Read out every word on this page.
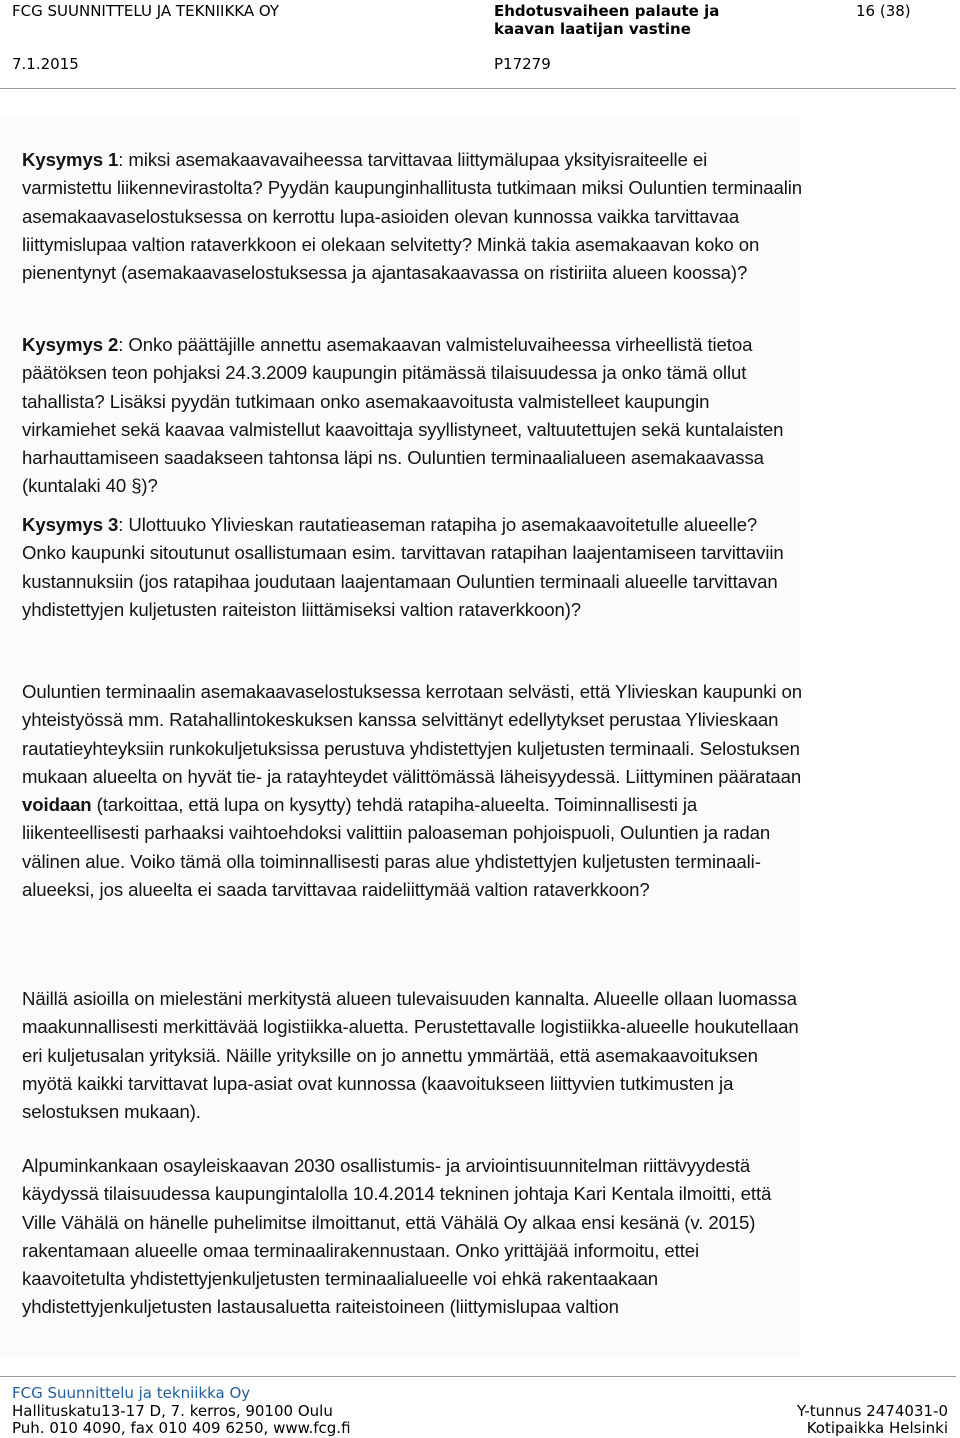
FCG SUUNNITTELU JA TEKNIIKKA OY
7.1.2015
Ehdotusvaiheen palaute ja
kaavan laatijan vastine
P17279
16 (38)

Kysymys 1: miksi asemakaavavaiheessa tarvittavaa liittymälupaa yksityisraiteelle ei varmistettu liikennevirastolta? Pyydän kaupunginhallitusta tutkimaan miksi Ouluntien terminaalin asemakaavaselostuksessa on kerrottu lupa-asioiden olevan kunnossa vaikka tarvittavaa liittymislupaa valtion rataverkkoon ei olekaan selvitetty? Minkä takia asemakaavan koko on pienentynyt (asemakaavaselostuksessa ja ajantasakaavassa on ristiriita alueen koossa)?

Kysymys 2: Onko päättäjille annettu asemakaavan valmisteluvaiheessa virheellistä tietoa päätöksen teon pohjaksi 24.3.2009 kaupungin pitämässä tilaisuudessa ja onko tämä ollut tahallista? Lisäksi pyydän tutkimaan onko asemakaavoitusta valmistelleet kaupungin virkamiehet sekä kaavaa valmistellut kaavoittaja syyllistyneet, valtuutettujen sekä kuntalaisten harhauttamiseen saadakseen tahtonsa läpi ns. Ouluntien terminaalialueen asemakaavassa (kuntalaki 40 §)?

Kysymys 3: Ulottuuko Ylivieskan rautatieaseman ratapiha jo asemakaavoitetulle alueelle? Onko kaupunki sitoutunut osallistumaan esim. tarvittavan ratapihan laajentamiseen tarvittaviin kustannuksiin (jos ratapihaa joudutaan laajentamaan Ouluntien terminaali alueelle tarvittavan yhdistettyjen kuljetusten raiteiston liittämiseksi valtion rataverkkoon)?

Ouluntien terminaalin asemakaavaselostuksessa kerrotaan selvästi, että Ylivieskan kaupunki on yhteistyössä mm. Ratahallintokeskuksen kanssa selvittänyt edellytykset perustaa Ylivieskaan rautatieyhteyksiin runkokuljetuksissa perustuva yhdistettyjen kuljetusten terminaali. Selostuksen mukaan alueelta on hyvät tie- ja ratayhteydet välittömässä läheisyydessä. Liittyminen päärataan voidaan (tarkoittaa, että lupa on kysytty) tehdä ratapiha-alueelta. Toiminnallisesti ja liikenteellisesti parhaaksi vaihtoehdoksi valittiin paloaseman pohjoispuoli, Ouluntien ja radan välinen alue. Voiko tämä olla toiminnallisesti paras alue yhdistettyjen kuljetusten terminaali-alueeksi, jos alueelta ei saada tarvittavaa raideliittymää valtion rataverkkoon?

Näillä asioilla on mielestäni merkitystä alueen tulevaisuuden kannalta. Alueelle ollaan luomassa maakunnallisesti merkittävää logistiikka-aluetta. Perustettavalle logistiikka-alueelle houkutellaan eri kuljetusalan yrityksiä. Näille yrityksille on jo annettu ymmärtää, että asemakaavoituksen myötä kaikki tarvittavat lupa-asiat ovat kunnossa (kaavoitukseen liittyvien tutkimusten ja selostuksen mukaan).

Alpuminkankaan osayleiskaavan 2030 osallistumis- ja arviointisuunnitelman riittävyydestä käydyssä tilaisuudessa kaupungintalolla 10.4.2014 tekninen johtaja Kari Kentala ilmoitti, että Ville Vähälä on hänelle puhelimitse ilmoittanut, että Vähälä Oy alkaa ensi kesänä (v. 2015) rakentamaan alueelle omaa terminaalirakennustaan. Onko yrittäjää informoitu, ettei kaavoitetulta yhdistettyjenkuljetusten terminaalialueelle voi ehkä rakentaakaan yhdistettyjenkuljetusten lastausaluetta raiteistoineen (liittymislupaa valtion

FCG Suunnittelu ja tekniikka Oy
Hallituskatu13-17 D, 7. kerros, 90100 Oulu
Puh. 010 4090, fax 010 409 6250, www.fcg.fi
Y-tunnus 2474031-0
Kotipaikka Helsinki
